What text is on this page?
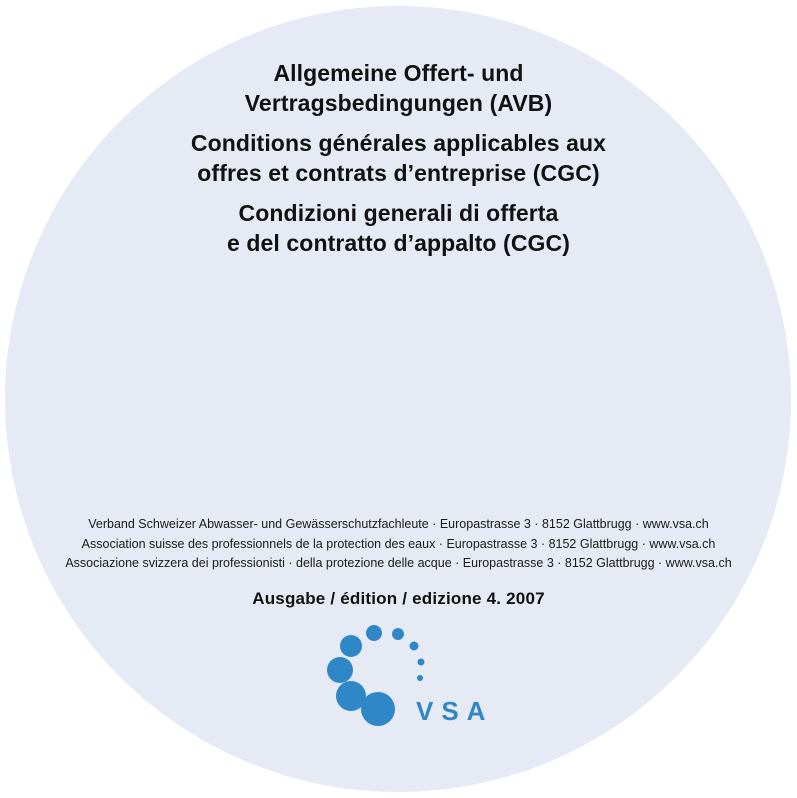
Allgemeine Offert- und
Vertragsbedingungen (AVB)
Conditions générales applicables aux
offres et contrats d’entreprise (CGC)
Condizioni generali di offerta
e del contratto d’appalto (CGC)
Verband Schweizer Abwasser- und Gewässerschutzfachleute · Europastrasse 3 · 8152 Glattbrugg · www.vsa.ch
Association suisse des professionnels de la protection des eaux · Europastrasse 3 · 8152 Glattbrugg · www.vsa.ch
Associazione svizzera dei professionisti · della protezione delle acque · Europastrasse 3 · 8152 Glattbrugg · www.vsa.ch
Ausgabe / édition / edizione 4. 2007
VSA
